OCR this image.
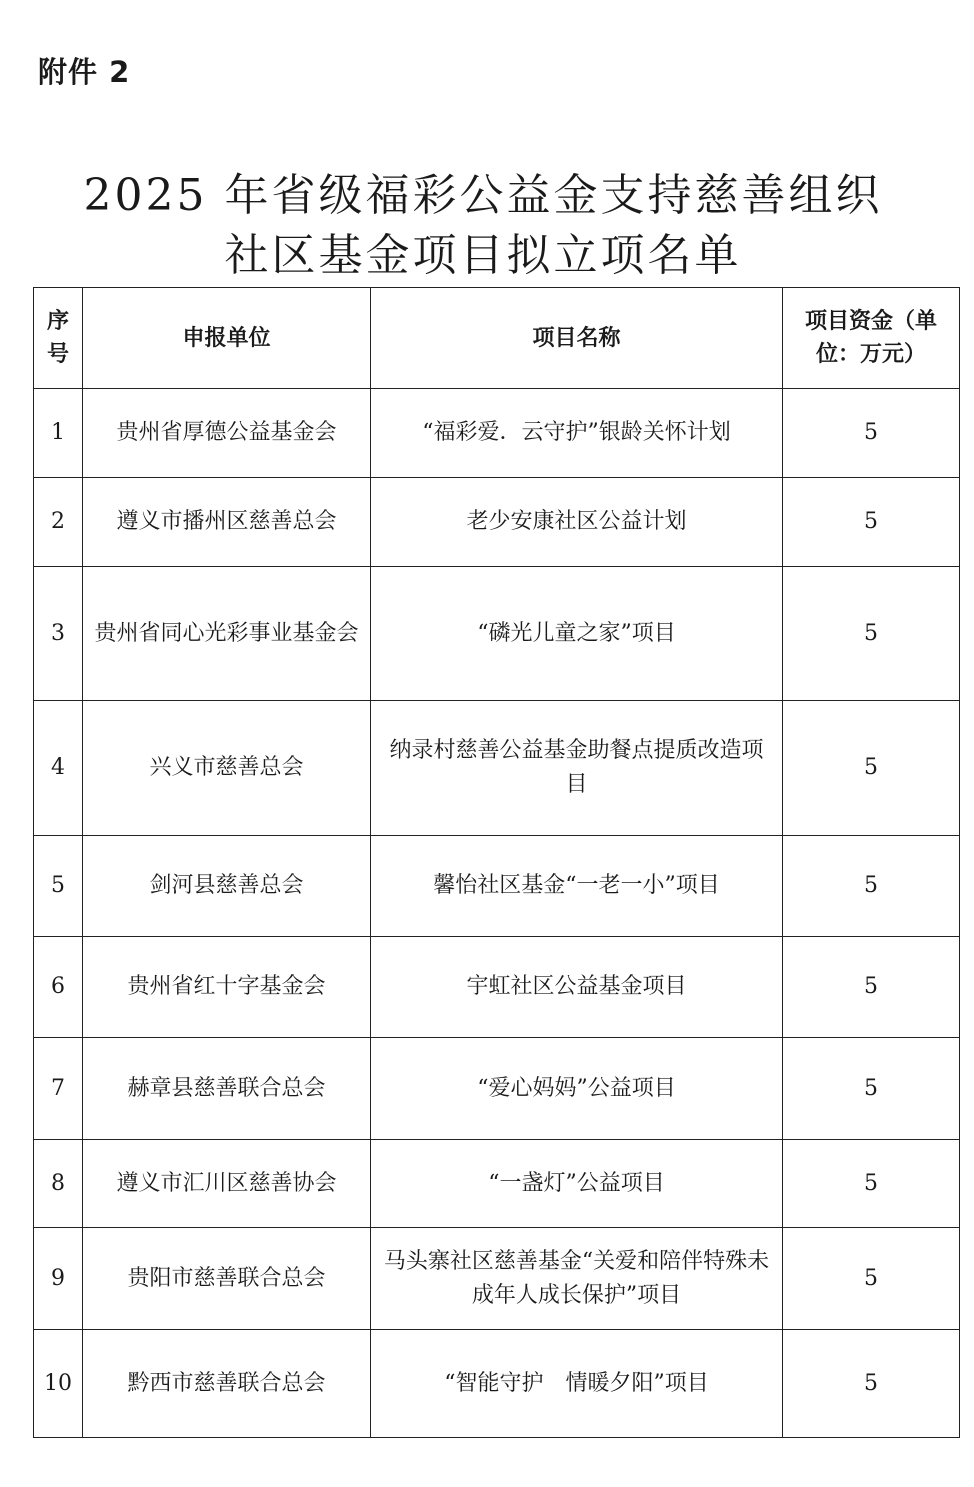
附件 2
2025 年省级福彩公益金支持慈善组织
社区基金项目拟立项名单
序号	申报单位	项目名称	项目资金（单位：万元）
1	贵州省厚德公益基金会	“福彩爱．云守护”银龄关怀计划	5
2	遵义市播州区慈善总会	老少安康社区公益计划	5
3	贵州省同心光彩事业基金会	“磷光儿童之家”项目	5
4	兴义市慈善总会	纳录村慈善公益基金助餐点提质改造项目	5
5	剑河县慈善总会	馨怡社区基金“一老一小”项目	5
6	贵州省红十字基金会	宇虹社区公益基金项目	5
7	赫章县慈善联合总会	“爱心妈妈”公益项目	5
8	遵义市汇川区慈善协会	“一盏灯”公益项目	5
9	贵阳市慈善联合总会	马头寨社区慈善基金“关爱和陪伴特殊未成年人成长保护”项目	5
10	黔西市慈善联合总会	“智能守护　情暖夕阳”项目	5
